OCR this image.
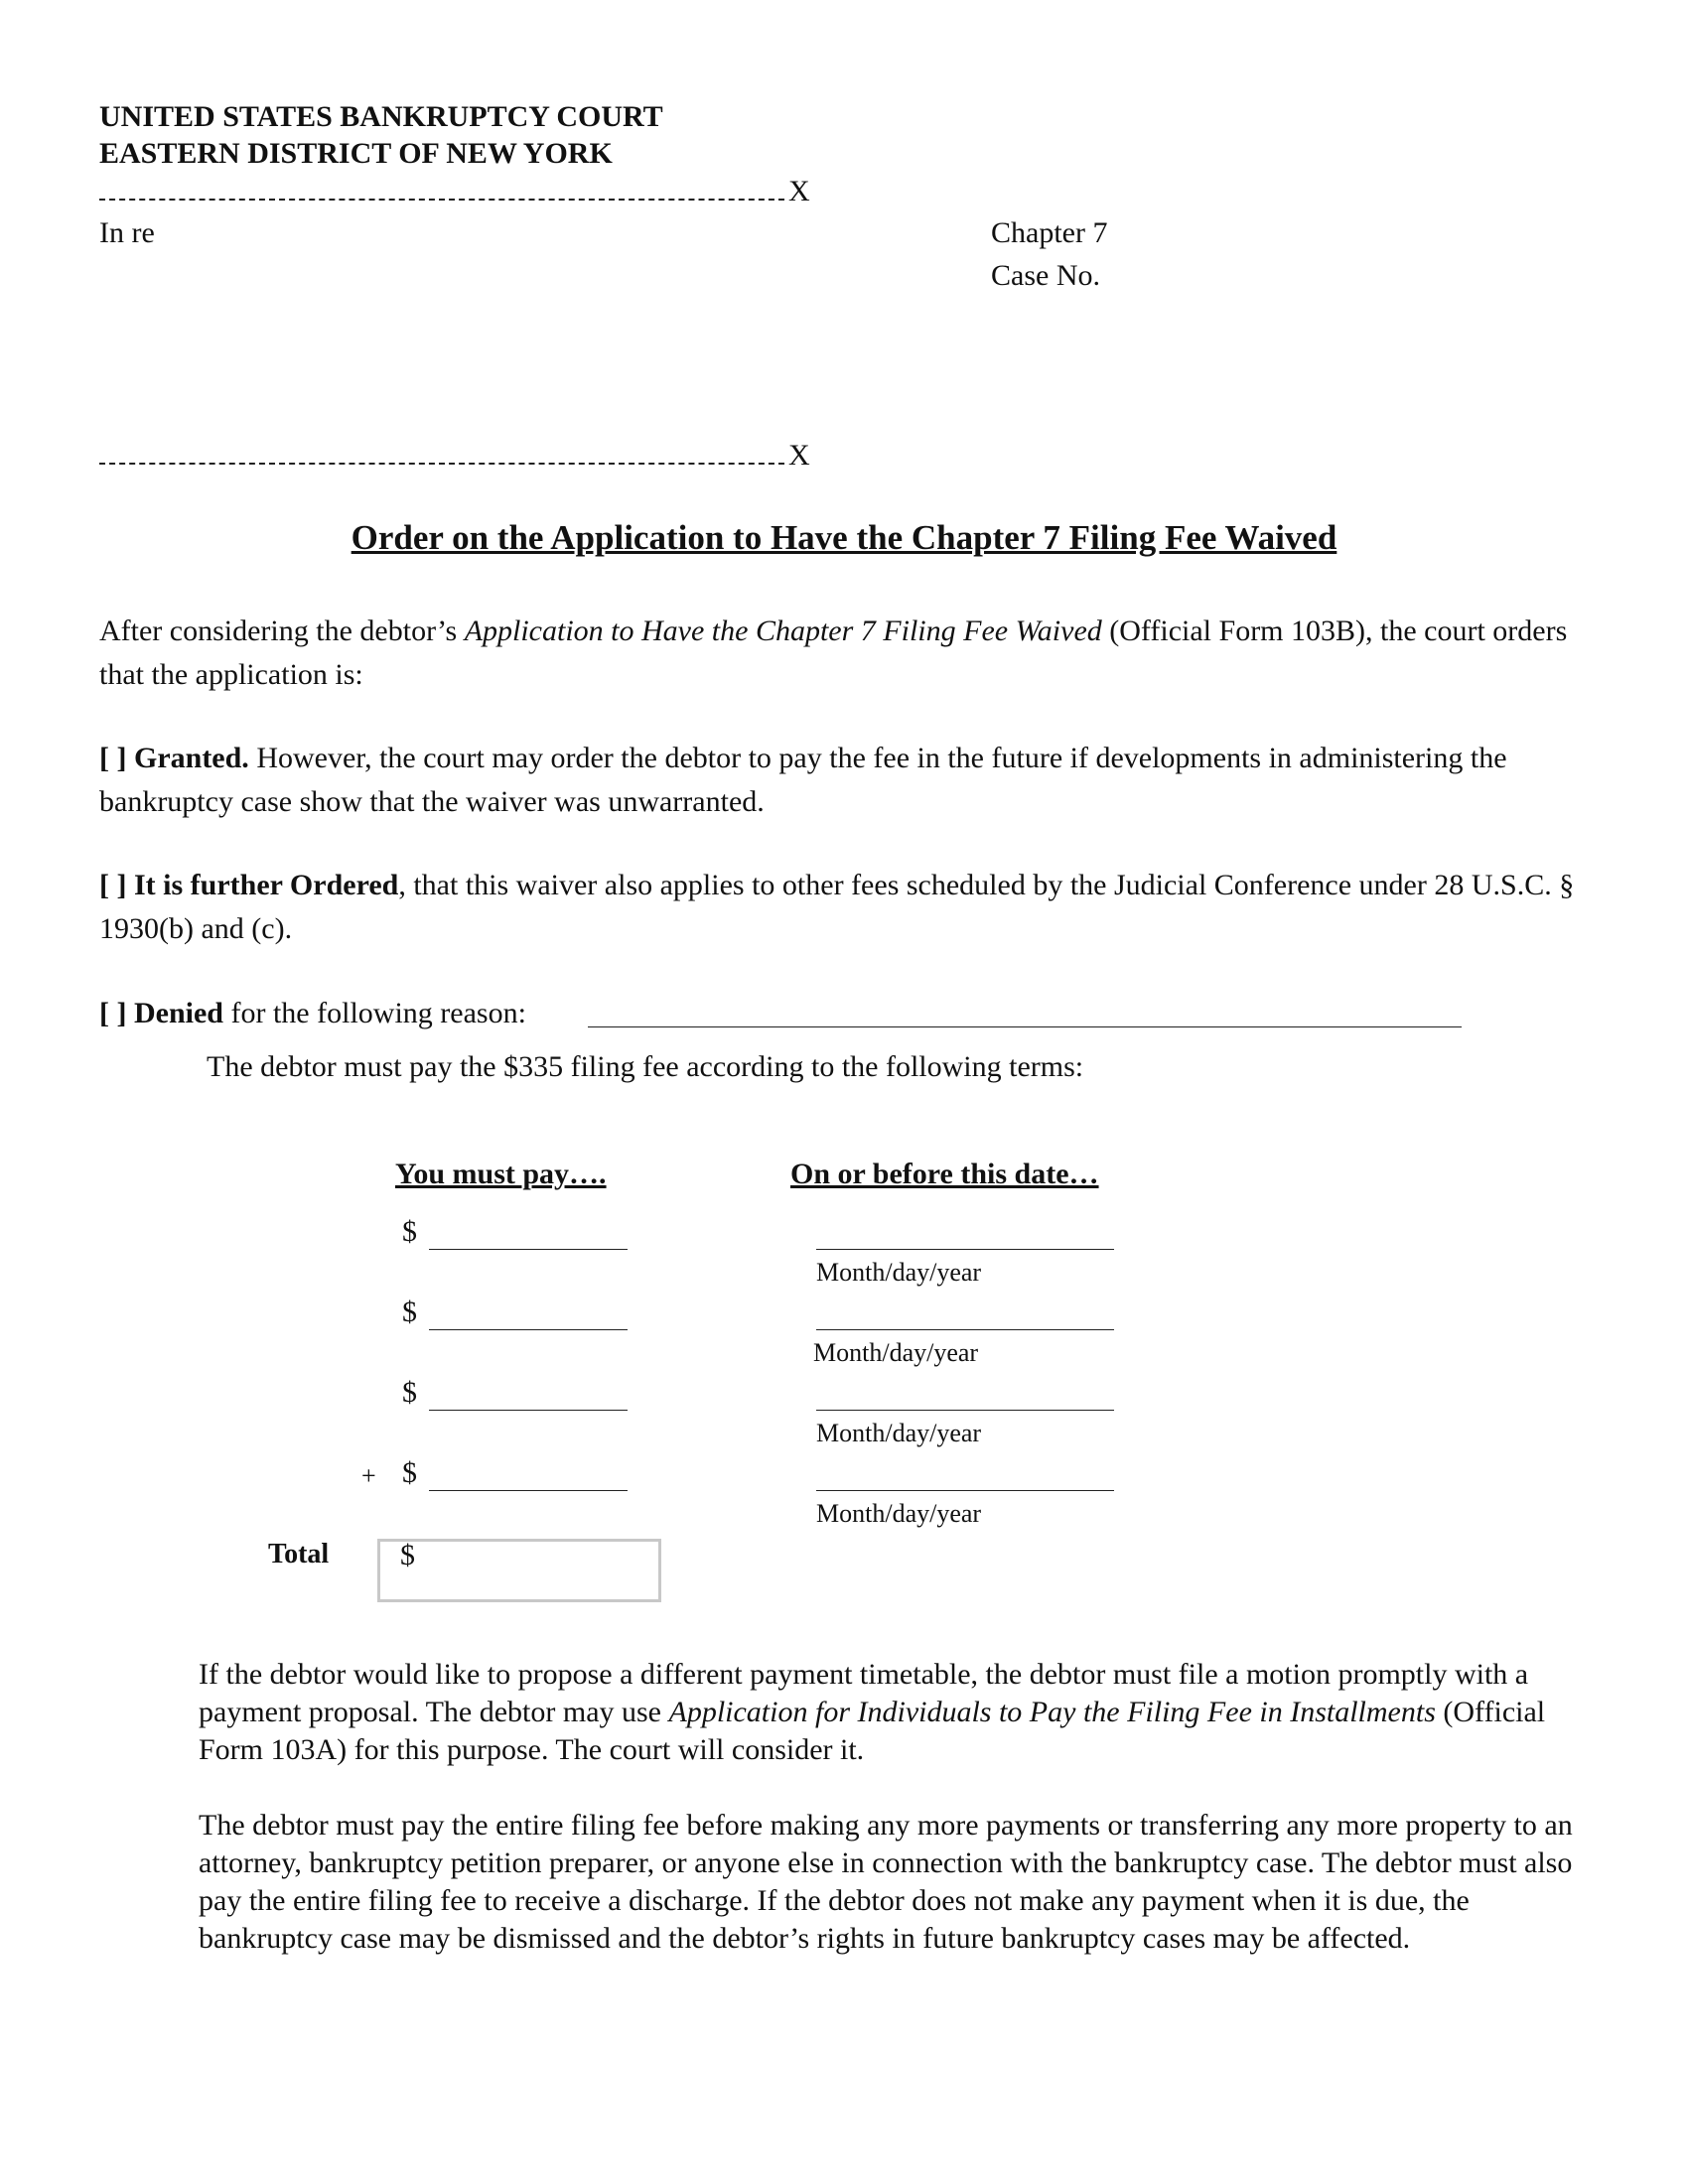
UNITED STATES BANKRUPTCY COURT
EASTERN DISTRICT OF NEW YORK
X
In re	Chapter 7
Case No.
X
Order on the Application to Have the Chapter 7 Filing Fee Waived
After considering the debtor’s Application to Have the Chapter 7 Filing Fee Waived (Official Form 103B), the court orders that the application is:
[ ] Granted. However, the court may order the debtor to pay the fee in the future if developments in administering the bankruptcy case show that the waiver was unwarranted.
[ ] It is further Ordered, that this waiver also applies to other fees scheduled by the Judicial Conference under 28 U.S.C. § 1930(b) and (c).
[ ] Denied for the following reason:
The debtor must pay the $335 filing fee according to the following terms:
You must pay….	On or before this date…
$
Month/day/year
$
Month/day/year
$
Month/day/year
+ $
Month/day/year
Total $
If the debtor would like to propose a different payment timetable, the debtor must file a motion promptly with a payment proposal. The debtor may use Application for Individuals to Pay the Filing Fee in Installments (Official Form 103A) for this purpose. The court will consider it.
The debtor must pay the entire filing fee before making any more payments or transferring any more property to an attorney, bankruptcy petition preparer, or anyone else in connection with the bankruptcy case. The debtor must also pay the entire filing fee to receive a discharge. If the debtor does not make any payment when it is due, the bankruptcy case may be dismissed and the debtor’s rights in future bankruptcy cases may be affected.
